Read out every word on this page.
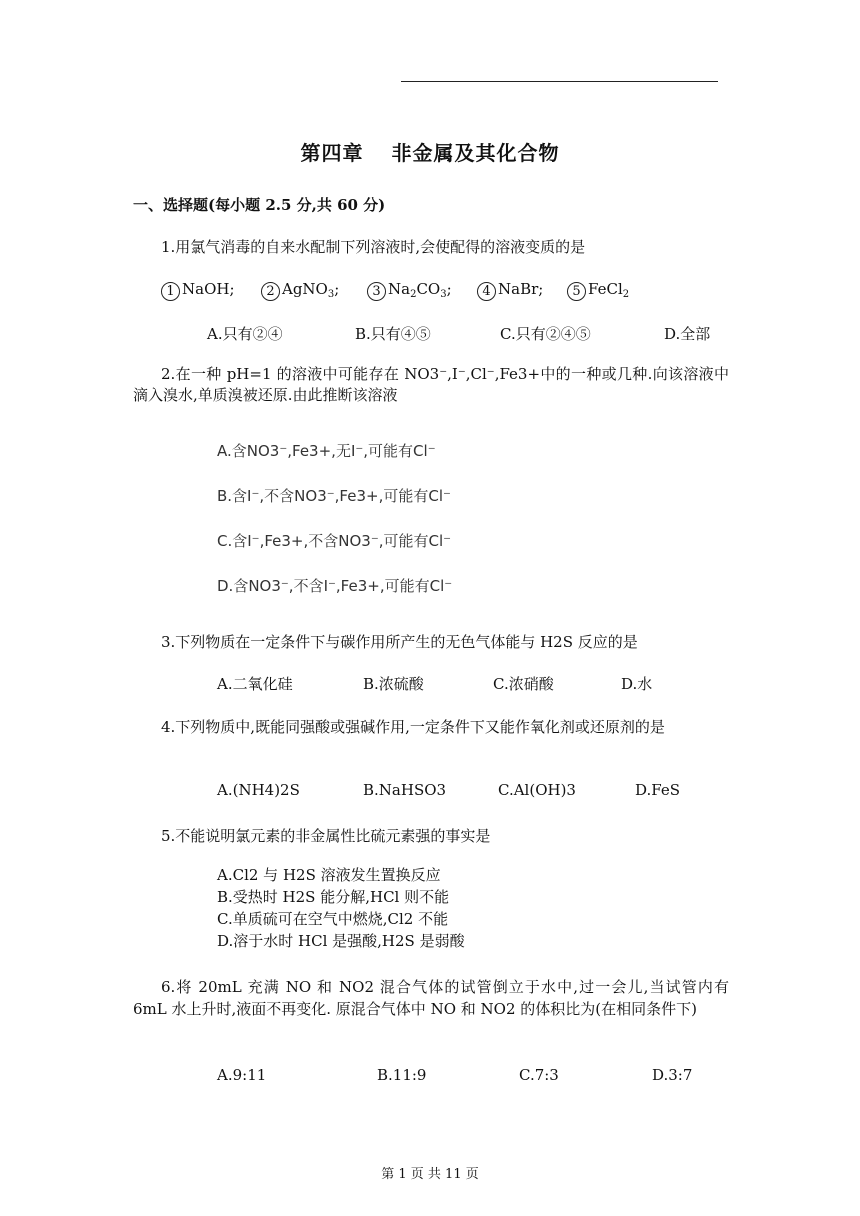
第四章 非金属及其化合物
一、选择题(每小题 2.5 分,共 60 分)
1.用氯气消毒的自来水配制下列溶液时,会使配得的溶液变质的是
1 NaOH;	2 AgNO$_3$;	3 $Na_2CO_3$;	4 NaBr;	5 FeCl$_2$
A.只有②④	B.只有④⑤	C.只有②④⑤	D.全部
2.在一种 pH=1 的溶液中可能存在 NO3⁻,I⁻,Cl⁻,Fe3+中的一种或几种.向该溶液中滴入溴水,单质溴被还原.由此推断该溶液
A.含NO3⁻,Fe3+,无I⁻,可能有Cl⁻
B.含I⁻,不含NO3⁻,Fe3+,可能有Cl⁻
C.含I⁻,Fe3+,不含NO3⁻,可能有Cl⁻
D.含NO3⁻,不含I⁻,Fe3+,可能有Cl⁻
3.下列物质在一定条件下与碳作用所产生的无色气体能与 H2S 反应的是
A.二氧化硅	B.浓硫酸	C.浓硝酸	D.水
4.下列物质中,既能同强酸或强碱作用,一定条件下又能作氧化剂或还原剂的是
A.(NH4)2S	B.NaHSO3	C.Al(OH)3	D.FeS
5.不能说明氯元素的非金属性比硫元素强的事实是
A.Cl2 与 H2S 溶液发生置换反应
B.受热时 H2S 能分解,HCl 则不能
C.单质硫可在空气中燃烧,Cl2 不能
D.溶于水时 HCl 是强酸,H2S 是弱酸
6.将 20mL 充满 NO 和 NO2 混合气体的试管倒立于水中,过一会儿,当试管内有 6mL 水上升时,液面不再变化. 原混合气体中 NO 和 NO2 的体积比为(在相同条件下)
A.9:11	B.11:9	C.7:3	D.3:7
第 1 页 共 11 页
